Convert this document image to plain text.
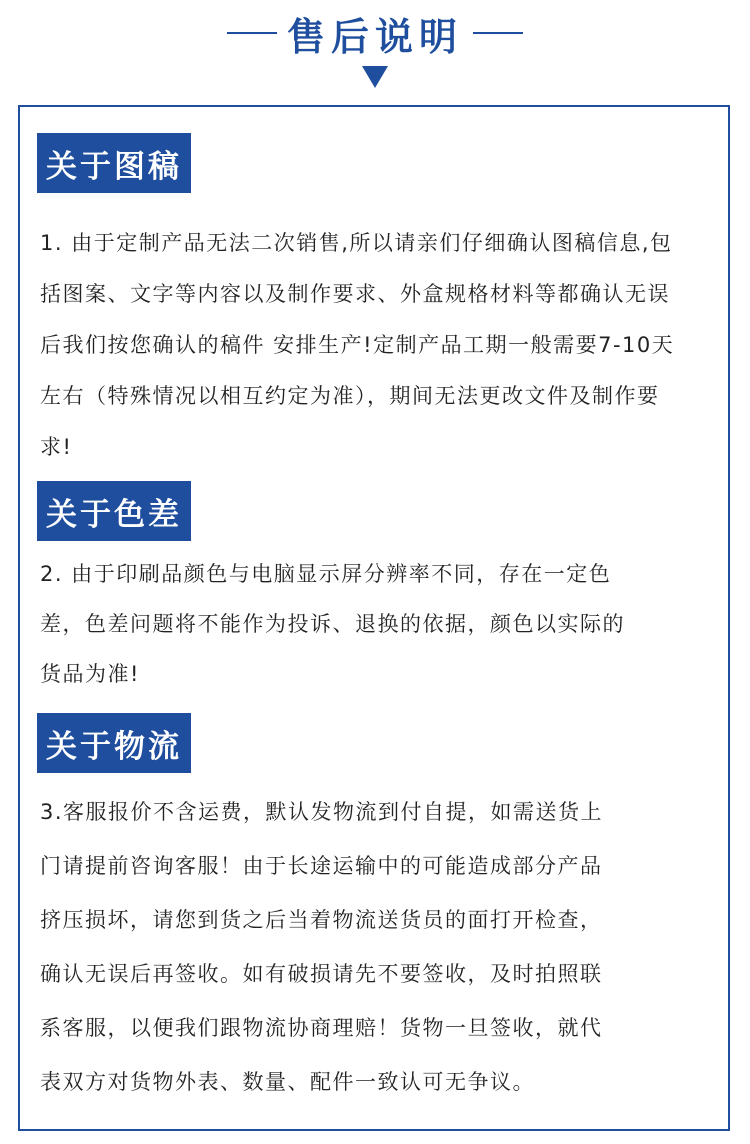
售后说明
关于图稿
1. 由于定制产品无法二次销售,所以请亲们仔细确认图稿信息,包
括图案、文字等内容以及制作要求、外盒规格材料等都确认无误
后我们按您确认的稿件 安排生产!定制产品工期一般需要7-10天
左右（特殊情况以相互约定为准），期间无法更改文件及制作要
求!
关于色差
2. 由于印刷品颜色与电脑显示屏分辨率不同，存在一定色
差，色差问题将不能作为投诉、退换的依据，颜色以实际的
货品为准!
关于物流
3.客服报价不含运费，默认发物流到付自提，如需送货上
门请提前咨询客服！由于长途运输中的可能造成部分产品
挤压损坏，请您到货之后当着物流送货员的面打开检查，
确认无误后再签收。如有破损请先不要签收，及时拍照联
系客服，以便我们跟物流协商理赔！货物一旦签收，就代
表双方对货物外表、数量、配件一致认可无争议。
